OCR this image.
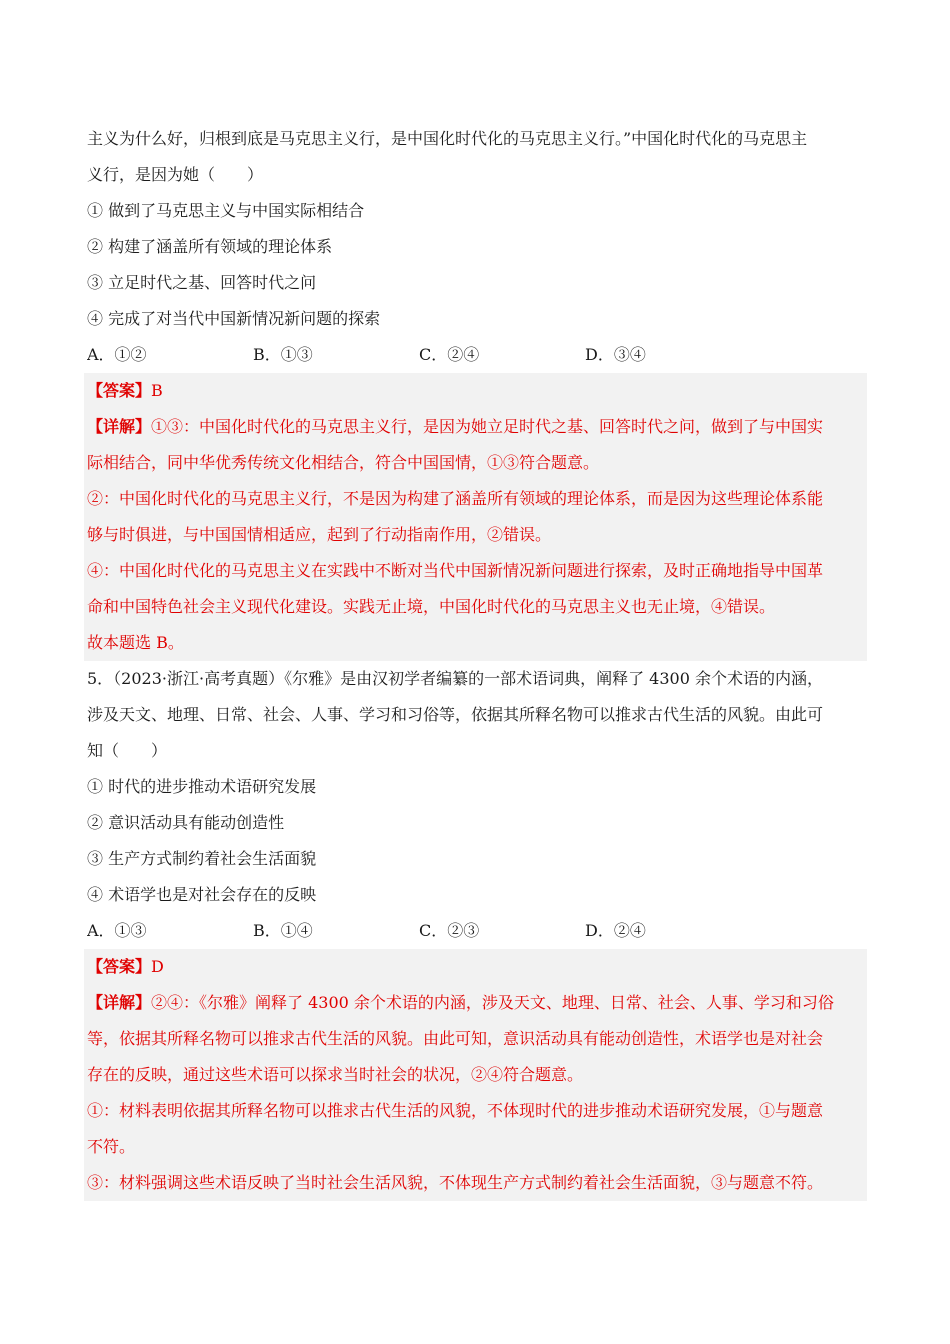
主义为什么好，归根到底是马克思主义行，是中国化时代化的马克思主义行。”中国化时代化的马克思主
义行，是因为她（　　）
① 做到了马克思主义与中国实际相结合
② 构建了涵盖所有领域的理论体系
③ 立足时代之基、回答时代之问
④ 完成了对当代中国新情况新问题的探索
A．①②	B．①③	C．②④	D．③④
【答案】B
【详解】①③：中国化时代化的马克思主义行，是因为她立足时代之基、回答时代之问，做到了与中国实
际相结合，同中华优秀传统文化相结合，符合中国国情，①③符合题意。
②：中国化时代化的马克思主义行，不是因为构建了涵盖所有领域的理论体系，而是因为这些理论体系能
够与时俱进，与中国国情相适应，起到了行动指南作用，②错误。
④：中国化时代化的马克思主义在实践中不断对当代中国新情况新问题进行探索，及时正确地指导中国革
命和中国特色社会主义现代化建设。实践无止境，中国化时代化的马克思主义也无止境，④错误。
故本题选 B。
5．（2023·浙江·高考真题）《尔雅》是由汉初学者编纂的一部术语词典，阐释了 4300 余个术语的内涵，
涉及天文、地理、日常、社会、人事、学习和习俗等，依据其所释名物可以推求古代生活的风貌。由此可
知（　　）
① 时代的进步推动术语研究发展
② 意识活动具有能动创造性
③ 生产方式制约着社会生活面貌
④ 术语学也是对社会存在的反映
A．①③	B．①④	C．②③	D．②④
【答案】D
【详解】②④：《尔雅》阐释了 4300 余个术语的内涵，涉及天文、地理、日常、社会、人事、学习和习俗
等，依据其所释名物可以推求古代生活的风貌。由此可知，意识活动具有能动创造性，术语学也是对社会
存在的反映，通过这些术语可以探求当时社会的状况，②④符合题意。
①：材料表明依据其所释名物可以推求古代生活的风貌，不体现时代的进步推动术语研究发展，①与题意
不符。
③：材料强调这些术语反映了当时社会生活风貌，不体现生产方式制约着社会生活面貌，③与题意不符。
